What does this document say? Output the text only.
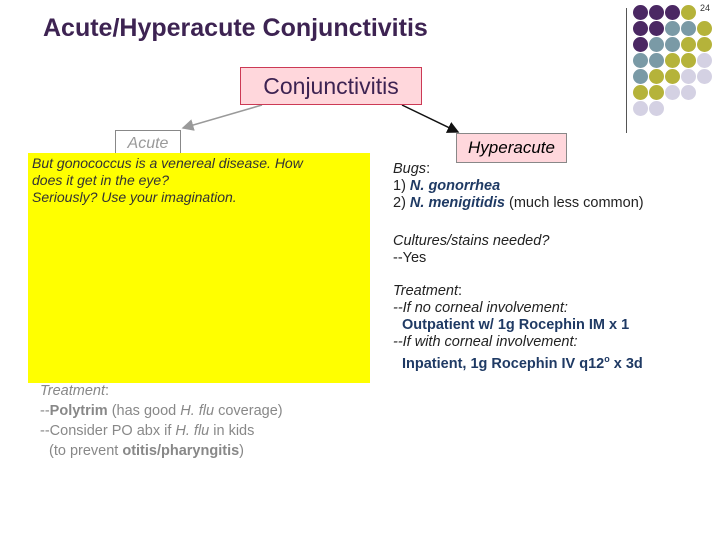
Acute/Hyperacute Conjunctivitis
24
Conjunctivitis
Acute	Hyperacute
But gonococcus is a venereal disease. How
does it get in the eye?
Seriously? Use your imagination.
Treatment:
--Polytrim (has good H. flu coverage)
--Consider PO abx if H. flu in kids
(to prevent otitis/pharyngitis)
Bugs:
1) N. gonorrhea
2) N. menigitidis (much less common)
Cultures/stains needed?
--Yes
Treatment:
--If no corneal involvement:
Outpatient w/ 1g Rocephin IM x 1
--If with corneal involvement:
Inpatient, 1g Rocephin IV q12$^o$ x 3d
